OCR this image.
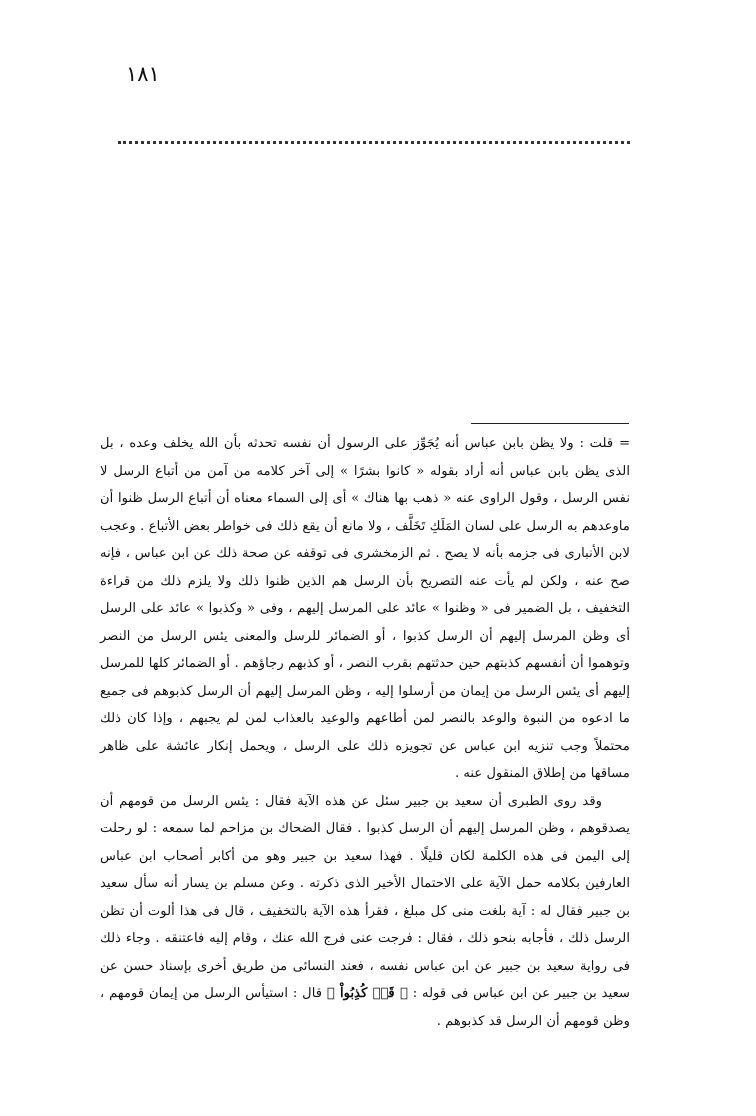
١٨١

= قلت : ولا يظن بابن عباس أنه يُجَوِّز على الرسول أن نفسه تحدثه بأن الله يخلف وعده ، بل الذى يظن بابن عباس أنه أراد بقوله « كانوا بشرًا » إلى آخر كلامه من آمن من أتباع الرسل لا نفس الرسل ، وقول الراوى عنه « ذهب بها هناك » أى إلى السماء معناه أن أتباع الرسل ظنوا أن ماوعدهم به الرسل على لسان المَلَكِ تَخَلَّف ، ولا مانع أن يقع ذلك فى خواطر بعض الأتباع . وعجب لابن الأنبارى فى جزمه بأنه لا يصح . ثم الزمخشرى فى توقفه عن صحة ذلك عن ابن عباس ، فإنه صح عنه ، ولكن لم يأت عنه التصريح بأن الرسل هم الذين ظنوا ذلك ولا يلزم ذلك من قراءة التخفيف ، بل الضمير فى « وظنوا » عائد على المرسل إليهم ، وفى « وكذبوا » عائد على الرسل أى وظن المرسل إليهم أن الرسل كذبوا ، أو الضمائر للرسل والمعنى يئس الرسل من النصر وتوهموا أن أنفسهم كذبتهم حين حدثتهم بقرب النصر ، أو كذبهم رجاؤهم . أو الضمائر كلها للمرسل إليهم أى يئس الرسل من إيمان من أرسلوا إليه ، وظن المرسل إليهم أن الرسل كذبوهم فى جميع ما ادعوه من النبوة والوعد بالنصر لمن أطاعهم والوعيد بالعذاب لمن لم يجبهم ، وإذا كان ذلك محتملاً وجب تنزيه ابن عباس عن تجويزه ذلك على الرسل ، ويحمل إنكار عائشة على ظاهر مساقها من إطلاق المنقول عنه .

وقد روى الطبرى أن سعيد بن جبير سئل عن هذه الآية فقال : يئس الرسل من قومهم أن يصدقوهم ، وظن المرسل إليهم أن الرسل كذبوا . فقال الضحاك بن مزاحم لما سمعه : لو رحلت إلى اليمن فى هذه الكلمة لكان قليلًا . فهذا سعيد بن جبير وهو من أكابر أصحاب ابن عباس العارفين بكلامه حمل الآية على الاحتمال الأخير الذى ذكرته . وعن مسلم بن يسار أنه سأل سعيد بن جبير فقال له : آية بلغت منى كل مبلغ ، فقرأ هذه الآية بالتخفيف ، قال فى هذا ألوت أن تظن الرسل ذلك ، فأجابه بنحو ذلك ، فقال : فرجت عنى فرج الله عنك ، وقام إليه فاعتنقه . وجاء ذلك فى رواية سعيد بن جبير عن ابن عباس نفسه ، فعند النسائى من طريق أخرى بإسناد حسن عن سعيد بن جبير عن ابن عباس فى قوله : ﴿ قَدۡ كُذِبُواْ ﴾ قال : استيأس الرسل من إيمان قومهم ، وظن قومهم أن الرسل قد كذبوهم .
